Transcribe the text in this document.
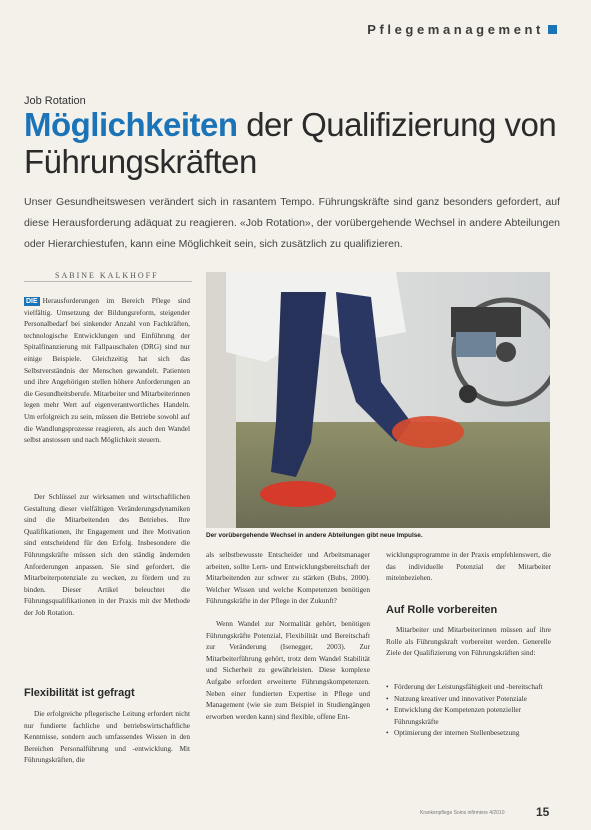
Pflegemanagement
Job Rotation
Möglichkeiten der Qualifizierung von Führungskräften
Unser Gesundheitswesen verändert sich in rasantem Tempo. Führungskräfte sind ganz besonders gefordert, auf diese Herausforderung adäquat zu reagieren. «Job Rotation», der vorübergehende Wechsel in andere Abteilungen oder Hierarchiestufen, kann eine Möglichkeit sein, sich zusätzlich zu qualifizieren.
SABINE KALKHOFF
DIE Herausforderungen im Bereich Pflege sind vielfältig. Umsetzung der Bildungsreform, steigender Personalbedarf bei sinkender Anzahl von Fachkräften, technologische Entwicklungen und Einführung der Spitalfinanzierung mit Fallpauschalen (DRG) sind nur einige Beispiele. Gleichzeitig hat sich das Selbstverständnis der Menschen gewandelt. Patienten und ihre Angehörigen stellen höhere Anforderungen an die Gesundheitsberufe. Mitarbeiter und Mitarbeiterinnen legen mehr Wert auf eigenverantwortliches Handeln. Um erfolgreich zu sein, müssen die Betriebe sowohl auf die Wandlungsprozesse reagieren, als auch den Wandel selbst anstossen und nach Möglichkeit steuern.
Der Schlüssel zur wirksamen und wirtschaftlichen Gestaltung dieser vielfältigen Veränderungsdynamiken sind die Mitarbeitenden des Betriebes. Ihre Qualifikationen, ihr Engagement und ihre Motivation sind entscheidend für den Erfolg. Insbesondere die Führungskräfte müssen sich den ständig ändernden Anforderungen anpassen. Sie sind gefordert, die Mitarbeiterpotenziale zu wecken, zu fördern und zu binden. Dieser Artikel beleuchtet die Führungsqualifikationen in der Praxis mit der Methode der Job Rotation.
Flexibilität ist gefragt
Die erfolgreiche pflegerische Leitung erfordert nicht nur fundierte fachliche und betriebswirtschaftliche Kenntnisse, sondern auch umfassendes Wissen in den Bereichen Personalführung und -entwicklung. Mit Führungskräften, die
Der vorübergehende Wechsel in andere Abteilungen gibt neue Impulse.
als selbstbewusste Entscheider und Arbeitsmanager arbeiten, sollte Lern- und Entwicklungsbereitschaft der Mitarbeitenden zur schwer zu stärken (Bubs, 2000). Welcher Wissen und welche Kompetenzen benötigen Führungskräfte in der Pflege in der Zukunft?
Wenn Wandel zur Normalität gehört, benötigen Führungskräfte Potenzial, Flexibilität und Bereitschaft zur Veränderung (Isenegger, 2003). Zur Mitarbeiterführung gehört, trotz dem Wandel Stabilität und Sicherheit zu gewährleisten. Diese komplexe Aufgabe erfordert erweiterte Führungskompetenzen. Neben einer fundierten Expertise in Pflege und Management (wie sie zum Beispiel in Studiengängen erworben werden kann) sind flexible, offene Ent-
wicklungsprogramme in der Praxis empfehlenswert, die das individuelle Potenzial der Mitarbeiter miteinbeziehen.
Auf Rolle vorbereiten
Mitarbeiter und Mitarbeiterinnen müssen auf ihre Rolle als Führungskraft vorbereitet werden. Generelle Ziele der Qualifizierung von Führungskräften sind:
• Förderung der Leistungsfähigkeit und -bereitschaft
• Nutzung kreativer und innovativer Potenziale
• Entwicklung der Kompetenzen potenzieller Führungskräfte
• Optimierung der internen Stellenbesetzung
Krankenpflege Soins infirmiers 4/2010	15
